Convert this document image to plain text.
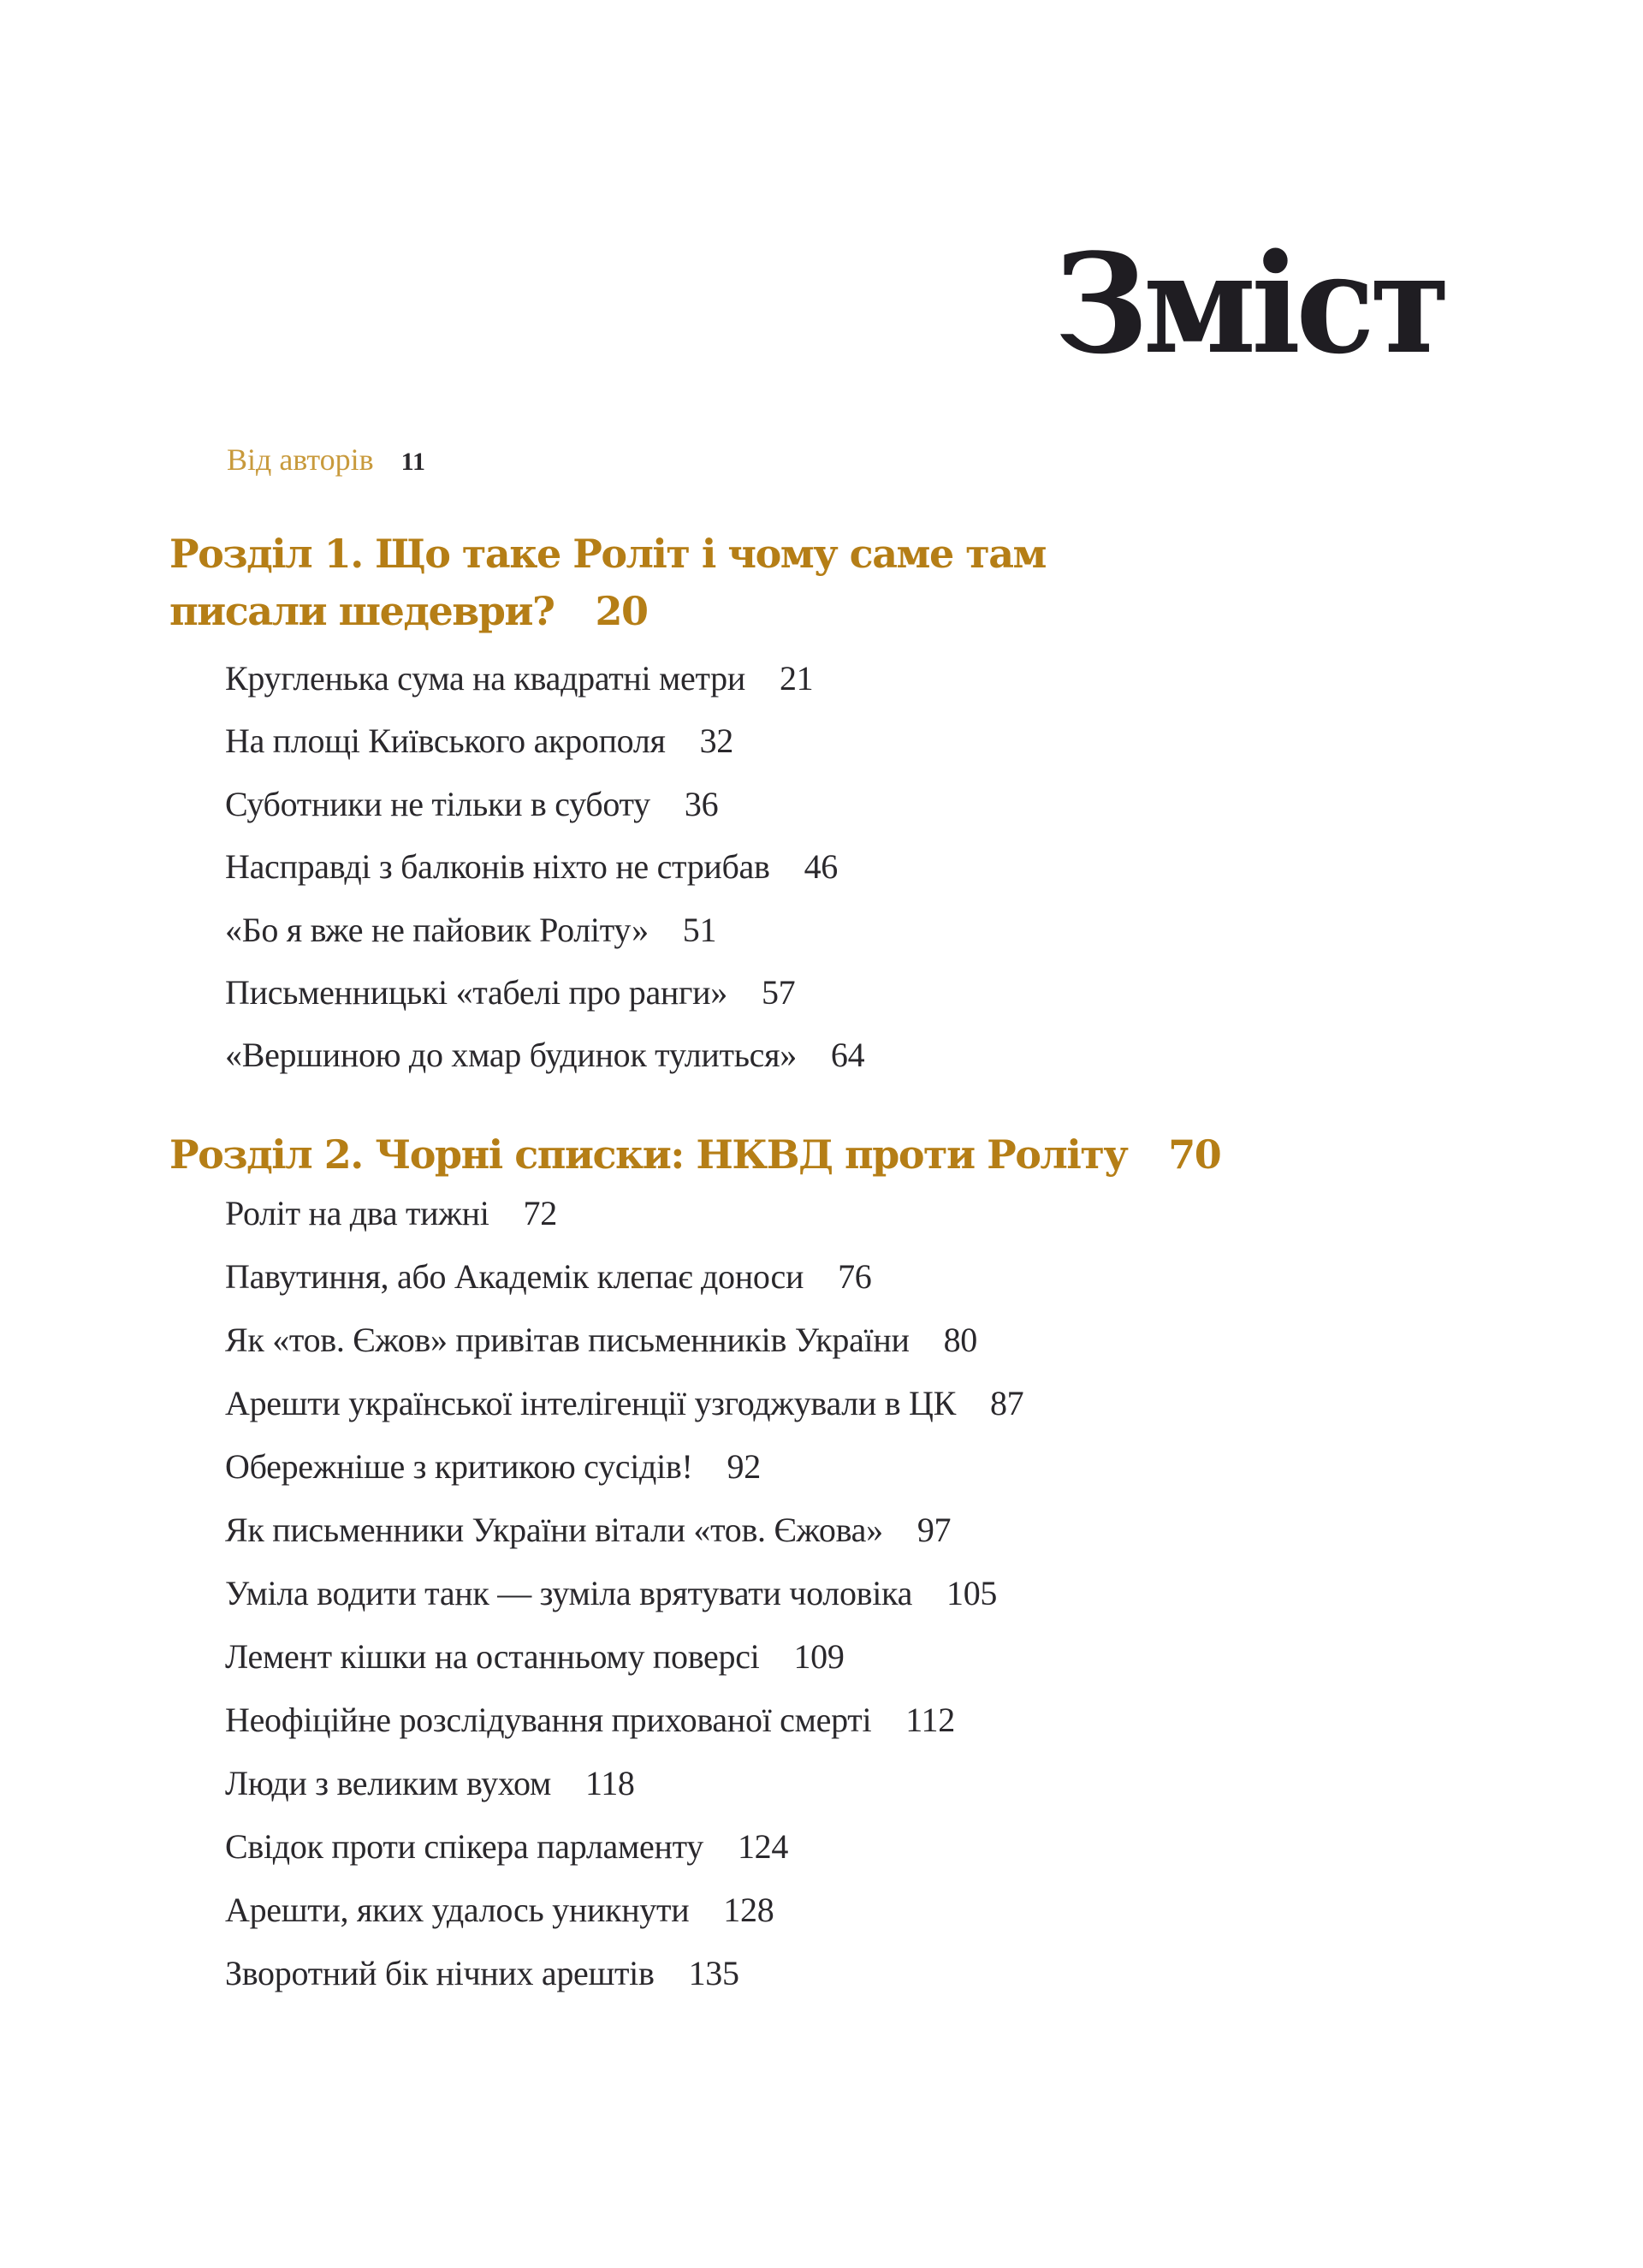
Зміст
Від авторів 11
Розділ 1. Що таке Роліт і чому саме там писали шедеври? 20
Кругленька сума на квадратні метри 21
На площі Київського акрополя 32
Суботники не тільки в суботу 36
Насправді з балконів ніхто не стрибав 46
«Бо я вже не пайовик Роліту» 51
Письменницькі «табелі про ранги» 57
«Вершиною до хмар будинок тулиться» 64
Розділ 2. Чорні списки: НКВД проти Роліту 70
Роліт на два тижні 72
Павутиння, або Академік клепає доноси 76
Як «тов. Єжов» привітав письменників України 80
Арешти української інтелігенції узгоджували в ЦК 87
Обережніше з критикою сусідів! 92
Як письменники України вітали «тов. Єжова» 97
Уміла водити танк — зуміла врятувати чоловіка 105
Лемент кішки на останньому поверсі 109
Неофіційне розслідування прихованої смерті 112
Люди з великим вухом 118
Свідок проти спікера парламенту 124
Арешти, яких удалось уникнути 128
Зворотний бік нічних арештів 135
